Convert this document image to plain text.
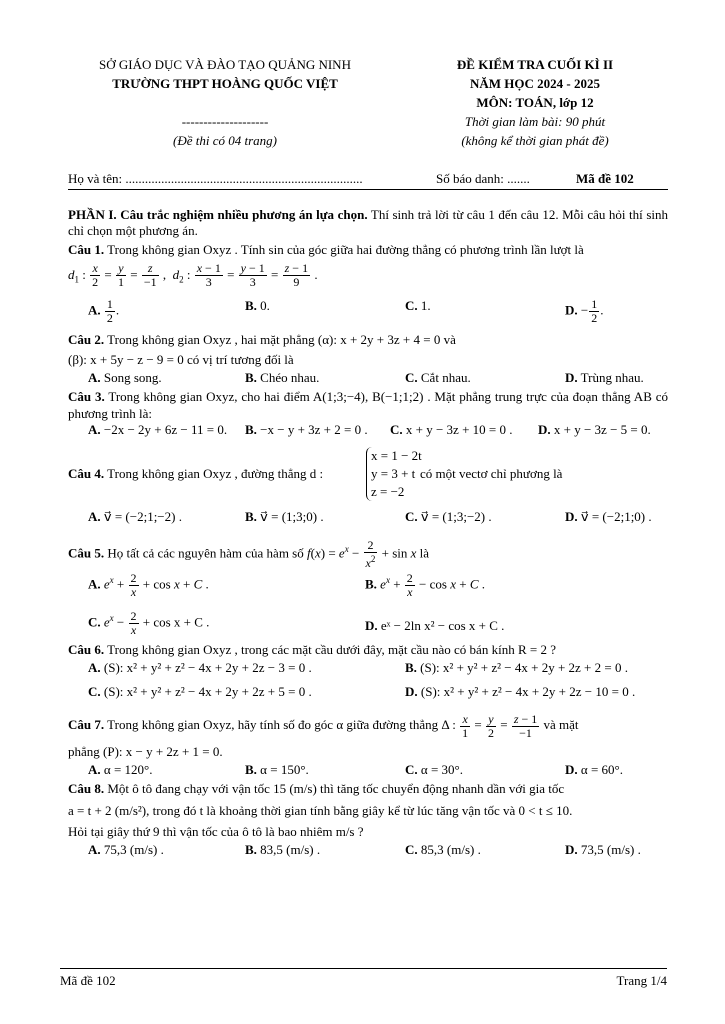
SỞ GIÁO DỤC VÀ ĐÀO TẠO QUẢNG NINH
TRƯỜNG THPT HOÀNG QUỐC VIỆT

--------------------
(Đề thi có 04 trang)
ĐỀ KIỂM TRA CUỐI KÌ II
NĂM HỌC 2024 - 2025
MÔN: TOÁN, lớp 12
Thời gian làm bài: 90 phút
(không kể thời gian phát đề)
Họ và tên: .........................................................................	Số báo danh: .......	Mã đề 102

PHẦN I. Câu trắc nghiệm nhiều phương án lựa chọn. Thí sinh trả lời từ câu 1 đến câu 12. Mỗi câu hỏi thí sinh chỉ chọn một phương án.

Câu 1. Trong không gian Oxyz . Tính sin của góc giữa hai đường thẳng có phương trình lần lượt là

$d_1$ : $\frac{x}{2} = \frac{y}{1} = \frac{z}{-1}$ ,  $d_2$ : $\frac{x - 1}{3} = \frac{y - 1}{3} = \frac{z - 1}{9}$ .
A. $\frac{1}{2}$ .	B. 0.	C. 1.	D. − $\frac{1}{2}$ .

Câu 2. Trong không gian Oxyz , hai mặt phẳng (α): x + 2y + 3z + 4 = 0 và

(β): x + 5y − z − 9 = 0 có vị trí tương đối là

A. Song song.	B. Chéo nhau.	C. Cắt nhau.	D. Trùng nhau.

Câu 3. Trong không gian Oxyz, cho hai điểm A(1;3;−4), B(−1;1;2) . Mặt phẳng trung trực của đoạn thẳng AB có phương trình là:

A. −2x − 2y + 6z − 11 = 0. B. −x − y + 3z + 2 = 0 . C. x + y − 3z + 10 = 0 . D. x + y − 3z − 5 = 0.
Câu 4. Trong không gian Oxyz , đường thẳng d :
x = 1 − 2t
y = 3 + t
z = −2
có một vectơ chỉ phương là
A. v⃗ = (−2;1;−2) .	B. v⃗ = (1;3;0) .	C. v⃗ = (1;3;−2) .	D. v⃗ = (−2;1;0) .
Câu 5. Họ tất cả các nguyên hàm của hàm số $f(x) = e^x - \frac{2}{x^2} + \sin x$ là
A. $e^x + \frac{2}{x} + \cos x + C$ .	B. $e^x + \frac{2}{x} - \cos x + C$ .
C. $e^x - \frac{2}{x} + \cos x + C$ .	D. eˣ − 2ln x² − cos x + C .

Câu 6. Trong không gian Oxyz , trong các mặt cầu dưới đây, mặt cầu nào có bán kính R = 2 ?

A. (S): x² + y² + z² − 4x + 2y + 2z − 3 = 0 .	B. (S): x² + y² + z² − 4x + 2y + 2z + 2 = 0 .
C. (S): x² + y² + z² − 4x + 2y + 2z + 5 = 0 .	D. (S): x² + y² + z² − 4x + 2y + 2z − 10 = 0 .
Câu 7. Trong không gian Oxyz, hãy tính số đo góc α giữa đường thẳng Δ : $\frac{x}{1} = \frac{y}{2} = \frac{z - 1}{-1}$ và mặt

phẳng (P): x − y + 2z + 1 = 0.

A. α = 120°.	B. α = 150°.	C. α = 30°.	D. α = 60°.

Câu 8. Một ô tô đang chạy với vận tốc 15 (m/s) thì tăng tốc chuyển động nhanh dần với gia tốc

a = t + 2 (m/s²), trong đó t là khoảng thời gian tính bằng giây kể từ lúc tăng vận tốc và 0 < t ≤ 10.

Hỏi tại giây thứ 9 thì vận tốc của ô tô là bao nhiêm m/s ?

A. 75,3 (m/s) .	B. 83,5 (m/s) .	C. 85,3 (m/s) .	D. 73,5 (m/s) .
Mã đề 102	Trang 1/4
